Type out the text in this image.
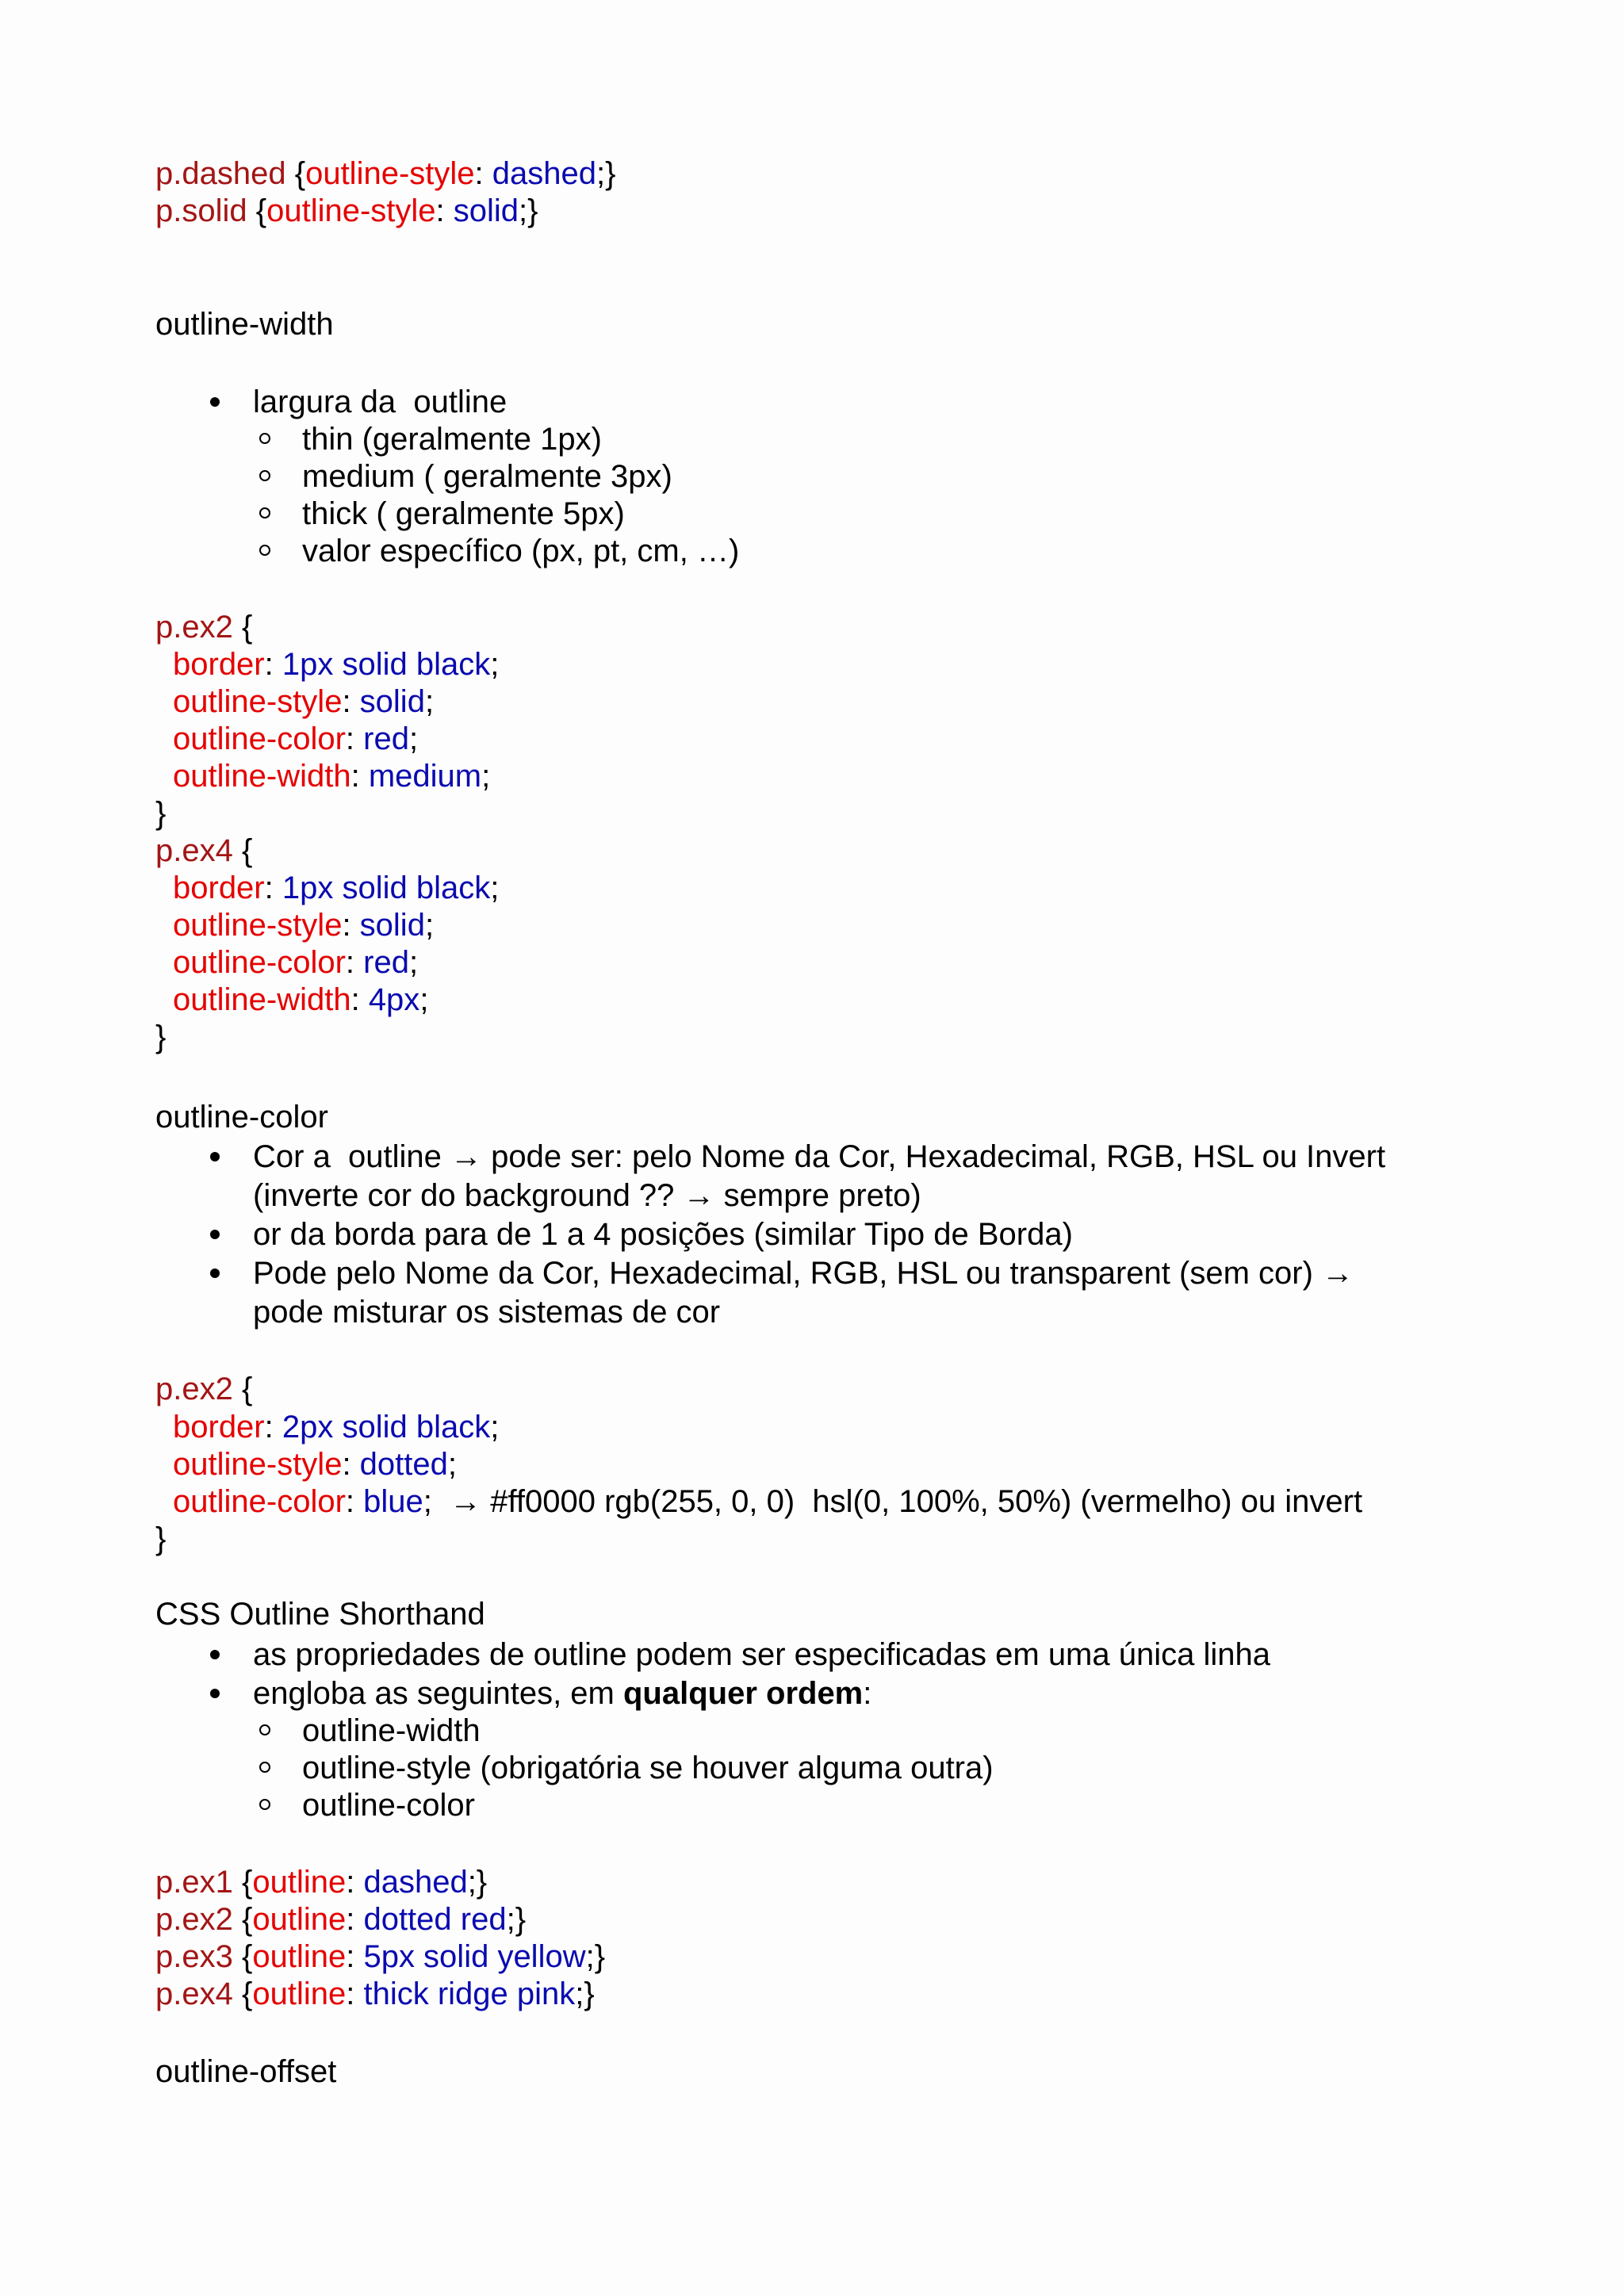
p.dashed {outline-style: dashed;}
p.solid {outline-style: solid;}
outline-width
largura da  outline
thin (geralmente 1px)
medium ( geralmente 3px)
thick ( geralmente 5px)
valor específico (px, pt, cm, …)
p.ex2 {
border: 1px solid black;
outline-style: solid;
outline-color: red;
outline-width: medium;
}
p.ex4 {
border: 1px solid black;
outline-style: solid;
outline-color: red;
outline-width: 4px;
}
outline-color
Cor a  outline → pode ser: pelo Nome da Cor, Hexadecimal, RGB, HSL ou Invert
(inverte cor do background ?? → sempre preto)
or da borda para de 1 a 4 posições (similar Tipo de Borda)
Pode pelo Nome da Cor, Hexadecimal, RGB, HSL ou transparent (sem cor) →
pode misturar os sistemas de cor
p.ex2 {
border: 2px solid black;
outline-style: dotted;
outline-color: blue;  → #ff0000 rgb(255, 0, 0)  hsl(0, 100%, 50%) (vermelho) ou invert
}
CSS Outline Shorthand
as propriedades de outline podem ser especificadas em uma única linha
engloba as seguintes, em qualquer ordem:
outline-width
outline-style (obrigatória se houver alguma outra)
outline-color
p.ex1 {outline: dashed;}
p.ex2 {outline: dotted red;}
p.ex3 {outline: 5px solid yellow;}
p.ex4 {outline: thick ridge pink;}
outline-offset
